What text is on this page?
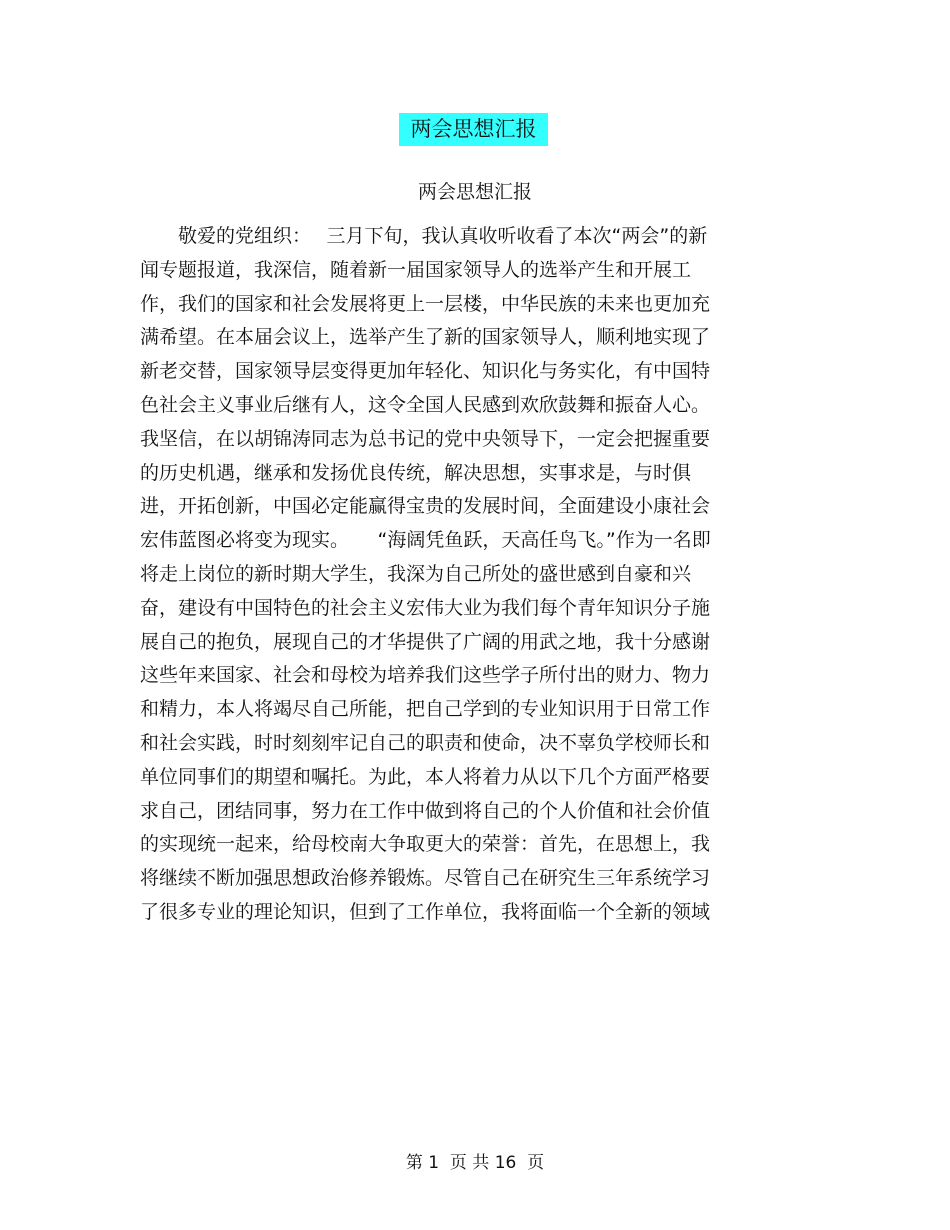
两会思想汇报
两会思想汇报
　　敬爱的党组织：　 三月下旬，我认真收听收看了本次“两会”的新
闻专题报道，我深信，随着新一届国家领导人的选举产生和开展工
作，我们的国家和社会发展将更上一层楼，中华民族的未来也更加充
满希望。在本届会议上，选举产生了新的国家领导人，顺利地实现了
新老交替，国家领导层变得更加年轻化、知识化与务实化，有中国特
色社会主义事业后继有人，这令全国人民感到欢欣鼓舞和振奋人心。
我坚信，在以胡锦涛同志为总书记的党中央领导下，一定会把握重要
的历史机遇，继承和发扬优良传统，解决思想，实事求是，与时俱
进，开拓创新，中国必定能赢得宝贵的发展时间，全面建设小康社会
宏伟蓝图必将变为现实。　　“海阔凭鱼跃，天高任鸟飞。”作为一名即
将走上岗位的新时期大学生，我深为自己所处的盛世感到自豪和兴
奋，建设有中国特色的社会主义宏伟大业为我们每个青年知识分子施
展自己的抱负，展现自己的才华提供了广阔的用武之地，我十分感谢
这些年来国家、社会和母校为培养我们这些学子所付出的财力、物力
和精力，本人将竭尽自己所能，把自己学到的专业知识用于日常工作
和社会实践，时时刻刻牢记自己的职责和使命，决不辜负学校师长和
单位同事们的期望和嘱托。为此，本人将着力从以下几个方面严格要
求自己，团结同事，努力在工作中做到将自己的个人价值和社会价值
的实现统一起来，给母校南大争取更大的荣誉：首先，在思想上，我
将继续不断加强思想政治修养锻炼。尽管自己在研究生三年系统学习
了很多专业的理论知识，但到了工作单位，我将面临一个全新的领域
第 1  页 共 16  页
